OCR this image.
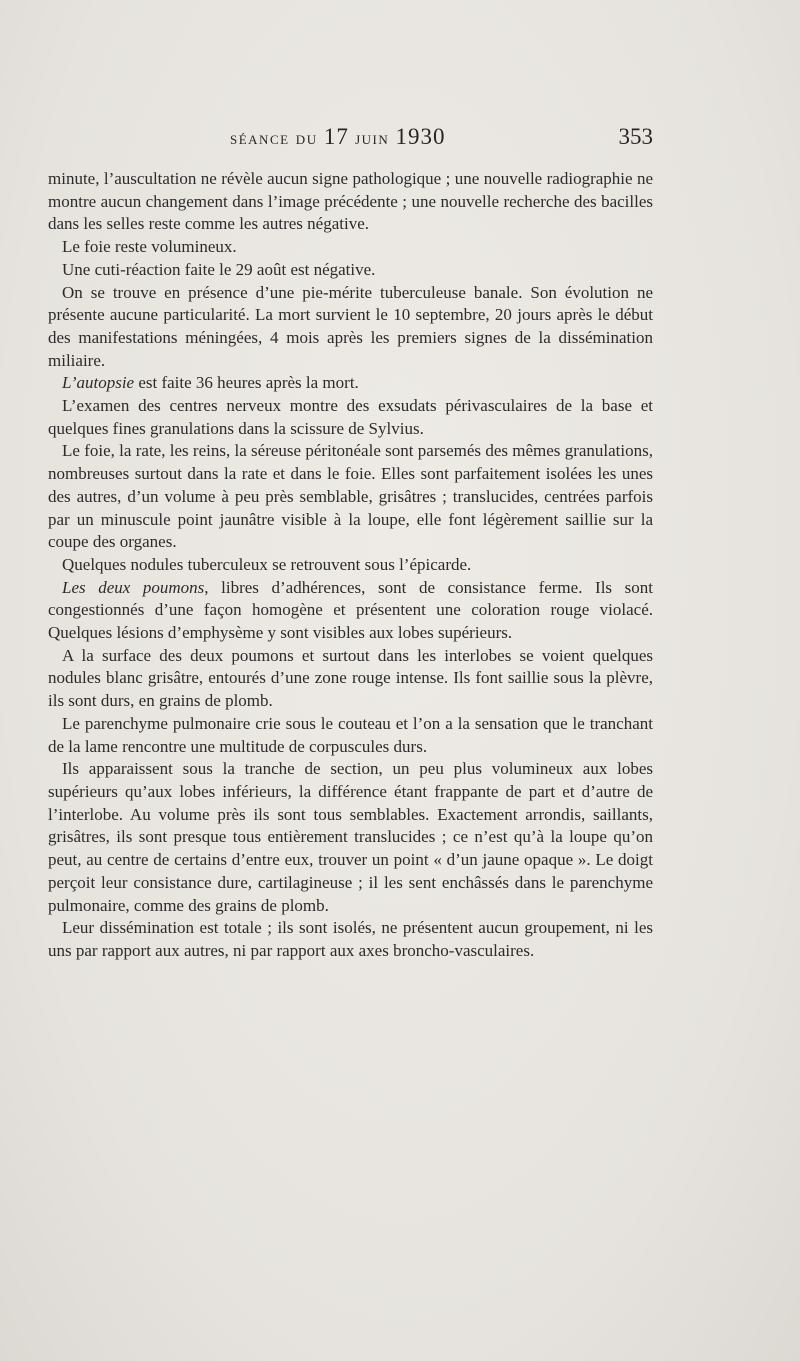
séance du 17 juin 1930	353

minute, l’auscultation ne révèle aucun signe pathologique ; une nouvelle radiographie ne montre aucun changement dans l’image précédente ; une nouvelle recherche des bacilles dans les selles reste comme les autres négative.

Le foie reste volumineux.

Une cuti-réaction faite le 29 août est négative.

On se trouve en présence d’une pie-mérite tuberculeuse banale. Son évolution ne présente aucune particularité. La mort survient le 10 septembre, 20 jours après le début des manifestations méningées, 4 mois après les premiers signes de la dissémination miliaire.

L’autopsie est faite 36 heures après la mort.

L’examen des centres nerveux montre des exsudats périvasculaires de la base et quelques fines granulations dans la scissure de Sylvius.

Le foie, la rate, les reins, la séreuse péritonéale sont parsemés des mêmes granulations, nombreuses surtout dans la rate et dans le foie. Elles sont parfaitement isolées les unes des autres, d’un volume à peu près semblable, grisâtres ; translucides, centrées parfois par un minuscule point jaunâtre visible à la loupe, elle font légèrement saillie sur la coupe des organes.

Quelques nodules tuberculeux se retrouvent sous l’épicarde.

Les deux poumons, libres d’adhérences, sont de consistance ferme. Ils sont congestionnés d’une façon homogène et présentent une coloration rouge violacé. Quelques lésions d’emphysème y sont visibles aux lobes supérieurs.

A la surface des deux poumons et surtout dans les interlobes se voient quelques nodules blanc grisâtre, entourés d’une zone rouge intense. Ils font saillie sous la plèvre, ils sont durs, en grains de plomb.

Le parenchyme pulmonaire crie sous le couteau et l’on a la sensation que le tranchant de la lame rencontre une multitude de corpuscules durs.

Ils apparaissent sous la tranche de section, un peu plus volumineux aux lobes supérieurs qu’aux lobes inférieurs, la différence étant frappante de part et d’autre de l’interlobe. Au volume près ils sont tous semblables. Exactement arrondis, saillants, grisâtres, ils sont presque tous entièrement translucides ; ce n’est qu’à la loupe qu’on peut, au centre de certains d’entre eux, trouver un point « d’un jaune opaque ». Le doigt perçoit leur consistance dure, cartilagineuse ; il les sent enchâssés dans le parenchyme pulmonaire, comme des grains de plomb.

Leur dissémination est totale ; ils sont isolés, ne présentent aucun groupement, ni les uns par rapport aux autres, ni par rapport aux axes broncho-vasculaires.
